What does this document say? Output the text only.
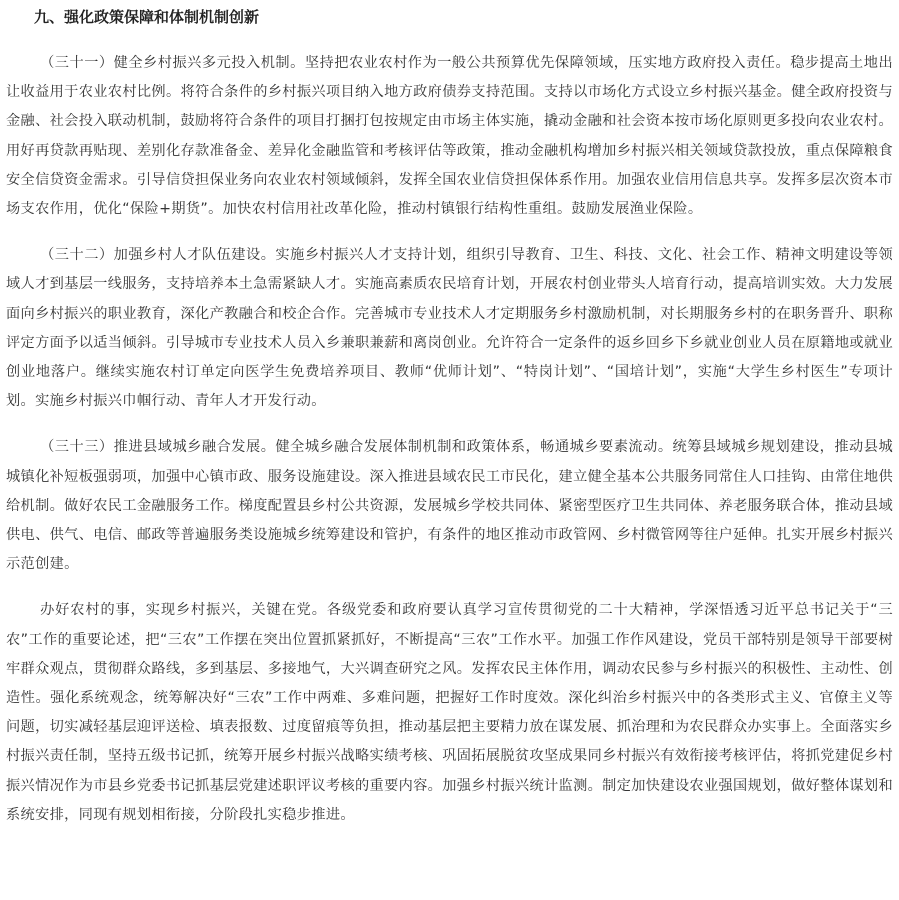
九、强化政策保障和体制机制创新

（三十一）健全乡村振兴多元投入机制。坚持把农业农村作为一般公共预算优先保障领域，压实地方政府投入责任。稳步提高土地出让收益用于农业农村比例。将符合条件的乡村振兴项目纳入地方政府债券支持范围。支持以市场化方式设立乡村振兴基金。健全政府投资与金融、社会投入联动机制，鼓励将符合条件的项目打捆打包按规定由市场主体实施，撬动金融和社会资本按市场化原则更多投向农业农村。用好再贷款再贴现、差别化存款准备金、差异化金融监管和考核评估等政策，推动金融机构增加乡村振兴相关领域贷款投放，重点保障粮食安全信贷资金需求。引导信贷担保业务向农业农村领域倾斜，发挥全国农业信贷担保体系作用。加强农业信用信息共享。发挥多层次资本市场支农作用，优化“保险+期货”。加快农村信用社改革化险，推动村镇银行结构性重组。鼓励发展渔业保险。

（三十二）加强乡村人才队伍建设。实施乡村振兴人才支持计划，组织引导教育、卫生、科技、文化、社会工作、精神文明建设等领域人才到基层一线服务，支持培养本土急需紧缺人才。实施高素质农民培育计划，开展农村创业带头人培育行动，提高培训实效。大力发展面向乡村振兴的职业教育，深化产教融合和校企合作。完善城市专业技术人才定期服务乡村激励机制，对长期服务乡村的在职务晋升、职称评定方面予以适当倾斜。引导城市专业技术人员入乡兼职兼薪和离岗创业。允许符合一定条件的返乡回乡下乡就业创业人员在原籍地或就业创业地落户。继续实施农村订单定向医学生免费培养项目、教师“优师计划”、“特岗计划”、“国培计划”，实施“大学生乡村医生”专项计划。实施乡村振兴巾帼行动、青年人才开发行动。

（三十三）推进县域城乡融合发展。健全城乡融合发展体制机制和政策体系，畅通城乡要素流动。统筹县域城乡规划建设，推动县城城镇化补短板强弱项，加强中心镇市政、服务设施建设。深入推进县域农民工市民化，建立健全基本公共服务同常住人口挂钩、由常住地供给机制。做好农民工金融服务工作。梯度配置县乡村公共资源，发展城乡学校共同体、紧密型医疗卫生共同体、养老服务联合体，推动县域供电、供气、电信、邮政等普遍服务类设施城乡统筹建设和管护，有条件的地区推动市政管网、乡村微管网等往户延伸。扎实开展乡村振兴示范创建。

办好农村的事，实现乡村振兴，关键在党。各级党委和政府要认真学习宣传贯彻党的二十大精神，学深悟透习近平总书记关于“三农”工作的重要论述，把“三农”工作摆在突出位置抓紧抓好，不断提高“三农”工作水平。加强工作作风建设，党员干部特别是领导干部要树牢群众观点，贯彻群众路线，多到基层、多接地气，大兴调查研究之风。发挥农民主体作用，调动农民参与乡村振兴的积极性、主动性、创造性。强化系统观念，统筹解决好“三农”工作中两难、多难问题，把握好工作时度效。深化纠治乡村振兴中的各类形式主义、官僚主义等问题，切实减轻基层迎评送检、填表报数、过度留痕等负担，推动基层把主要精力放在谋发展、抓治理和为农民群众办实事上。全面落实乡村振兴责任制，坚持五级书记抓，统筹开展乡村振兴战略实绩考核、巩固拓展脱贫攻坚成果同乡村振兴有效衔接考核评估，将抓党建促乡村振兴情况作为市县乡党委书记抓基层党建述职评议考核的重要内容。加强乡村振兴统计监测。制定加快建设农业强国规划，做好整体谋划和系统安排，同现有规划相衔接，分阶段扎实稳步推进。
